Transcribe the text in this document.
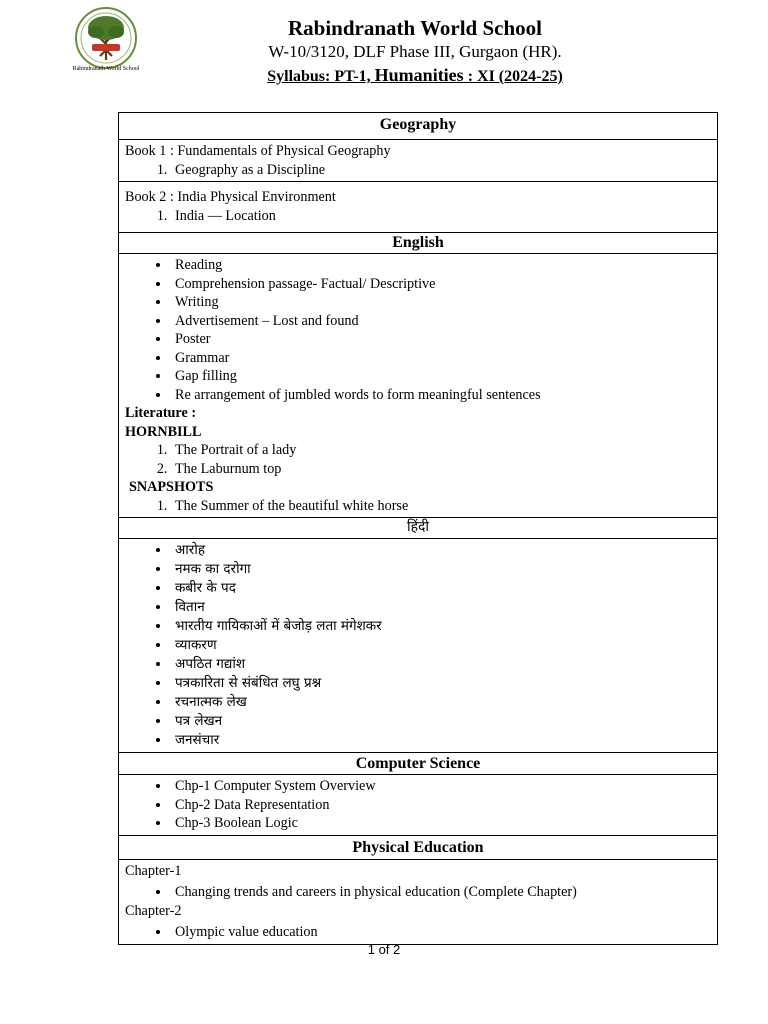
Rabindranath World School
Rabindranath World School
W-10/3120, DLF Phase III, Gurgaon (HR).
Syllabus: PT-1, Humanities : XI (2024-25)
Geography

Book 1 : Fundamentals of Physical Geography
1. Geography as a Discipline

Book 2 : India Physical Environment
1. India — Location

English

• Reading
• Comprehension passage- Factual/ Descriptive
• Writing
• Advertisement – Lost and found
• Poster
• Grammar
• Gap filling
• Re arrangement of jumbled words to form meaningful sentences
Literature :
HORNBILL
1. The Portrait of a lady
2. The Laburnum top
SNAPSHOTS
1. The Summer of the beautiful white horse

हिंदी

• आरोह
• नमक का दरोगा
• कबीर के पद
• वितान
• भारतीय गायिकाओं में बेजोड़ लता मंगेशकर
• व्याकरण
• अपठित गद्यांश
• पत्रकारिता से संबंधित लघु प्रश्न
• रचनात्मक लेख
• पत्र लेखन
• जनसंचार

Computer Science

• Chp-1 Computer System Overview
• Chp-2 Data Representation
• Chp-3 Boolean Logic

Physical Education

Chapter-1
• Changing trends and careers in physical education (Complete Chapter)
Chapter-2
• Olympic value education
1 of 2
